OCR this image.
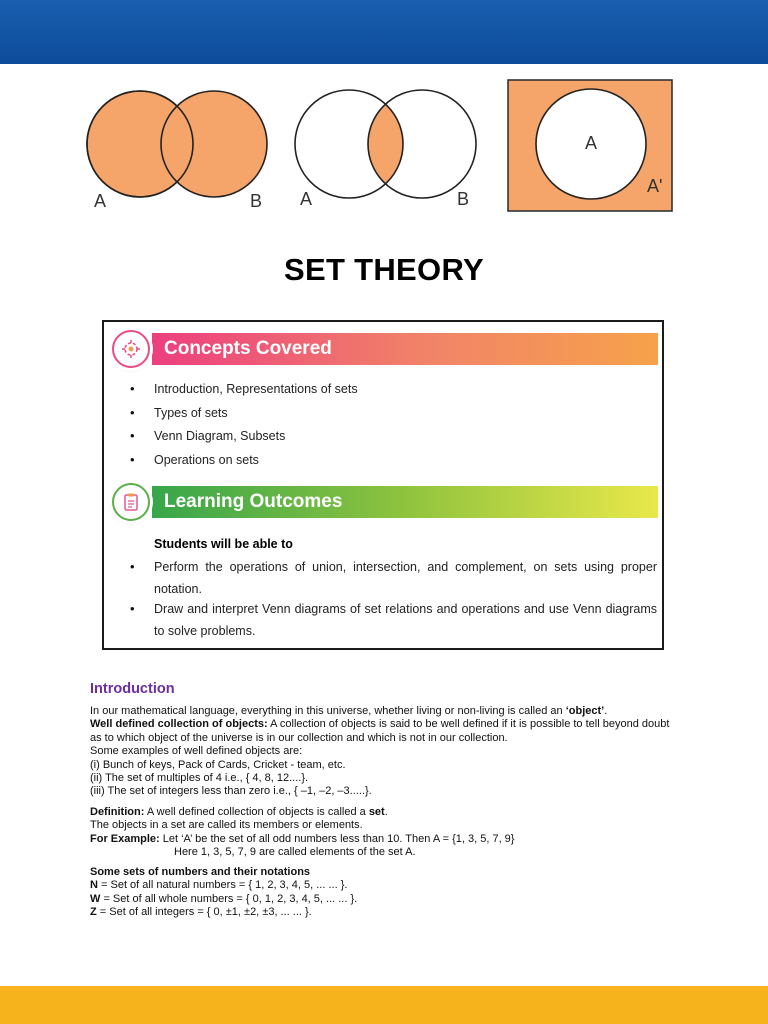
A	B A	B
A
A'
SET THEORY
Concepts Covered
• Introduction, Representations of sets
• Types of sets
• Venn Diagram, Subsets
• Operations on sets
Learning Outcomes
Students will be able to
• Perform the operations of union, intersection, and complement, on sets using proper notation.
• Draw and interpret Venn diagrams of set relations and operations and use Venn diagrams to solve problems.
Introduction

In our mathematical language, everything in this universe, whether living or non-living is called an ‘object’.

Well defined collection of objects: A collection of objects is said to be well defined if it is possible to tell beyond doubt as to which object of the universe is in our collection and which is not in our collection.

Some examples of well defined objects are:

(i) Bunch of keys, Pack of Cards, Cricket - team, etc.

(ii) The set of multiples of 4 i.e., { 4, 8, 12....}.

(iii) The set of integers less than zero i.e., { –1, –2, –3.....}.

Definition: A well defined collection of objects is called a set.

The objects in a set are called its members or elements.

For Example: Let ‘A’ be the set of all odd numbers less than 10. Then A = {1, 3, 5, 7, 9}

Here 1, 3, 5, 7, 9 are called elements of the set A.

Some sets of numbers and their notations

N = Set of all natural numbers = { 1, 2, 3, 4, 5, ... ... }.

W = Set of all whole numbers = { 0, 1, 2, 3, 4, 5, ... ... }.

Z = Set of all integers = { 0, ±1, ±2, ±3, ... ... }.
